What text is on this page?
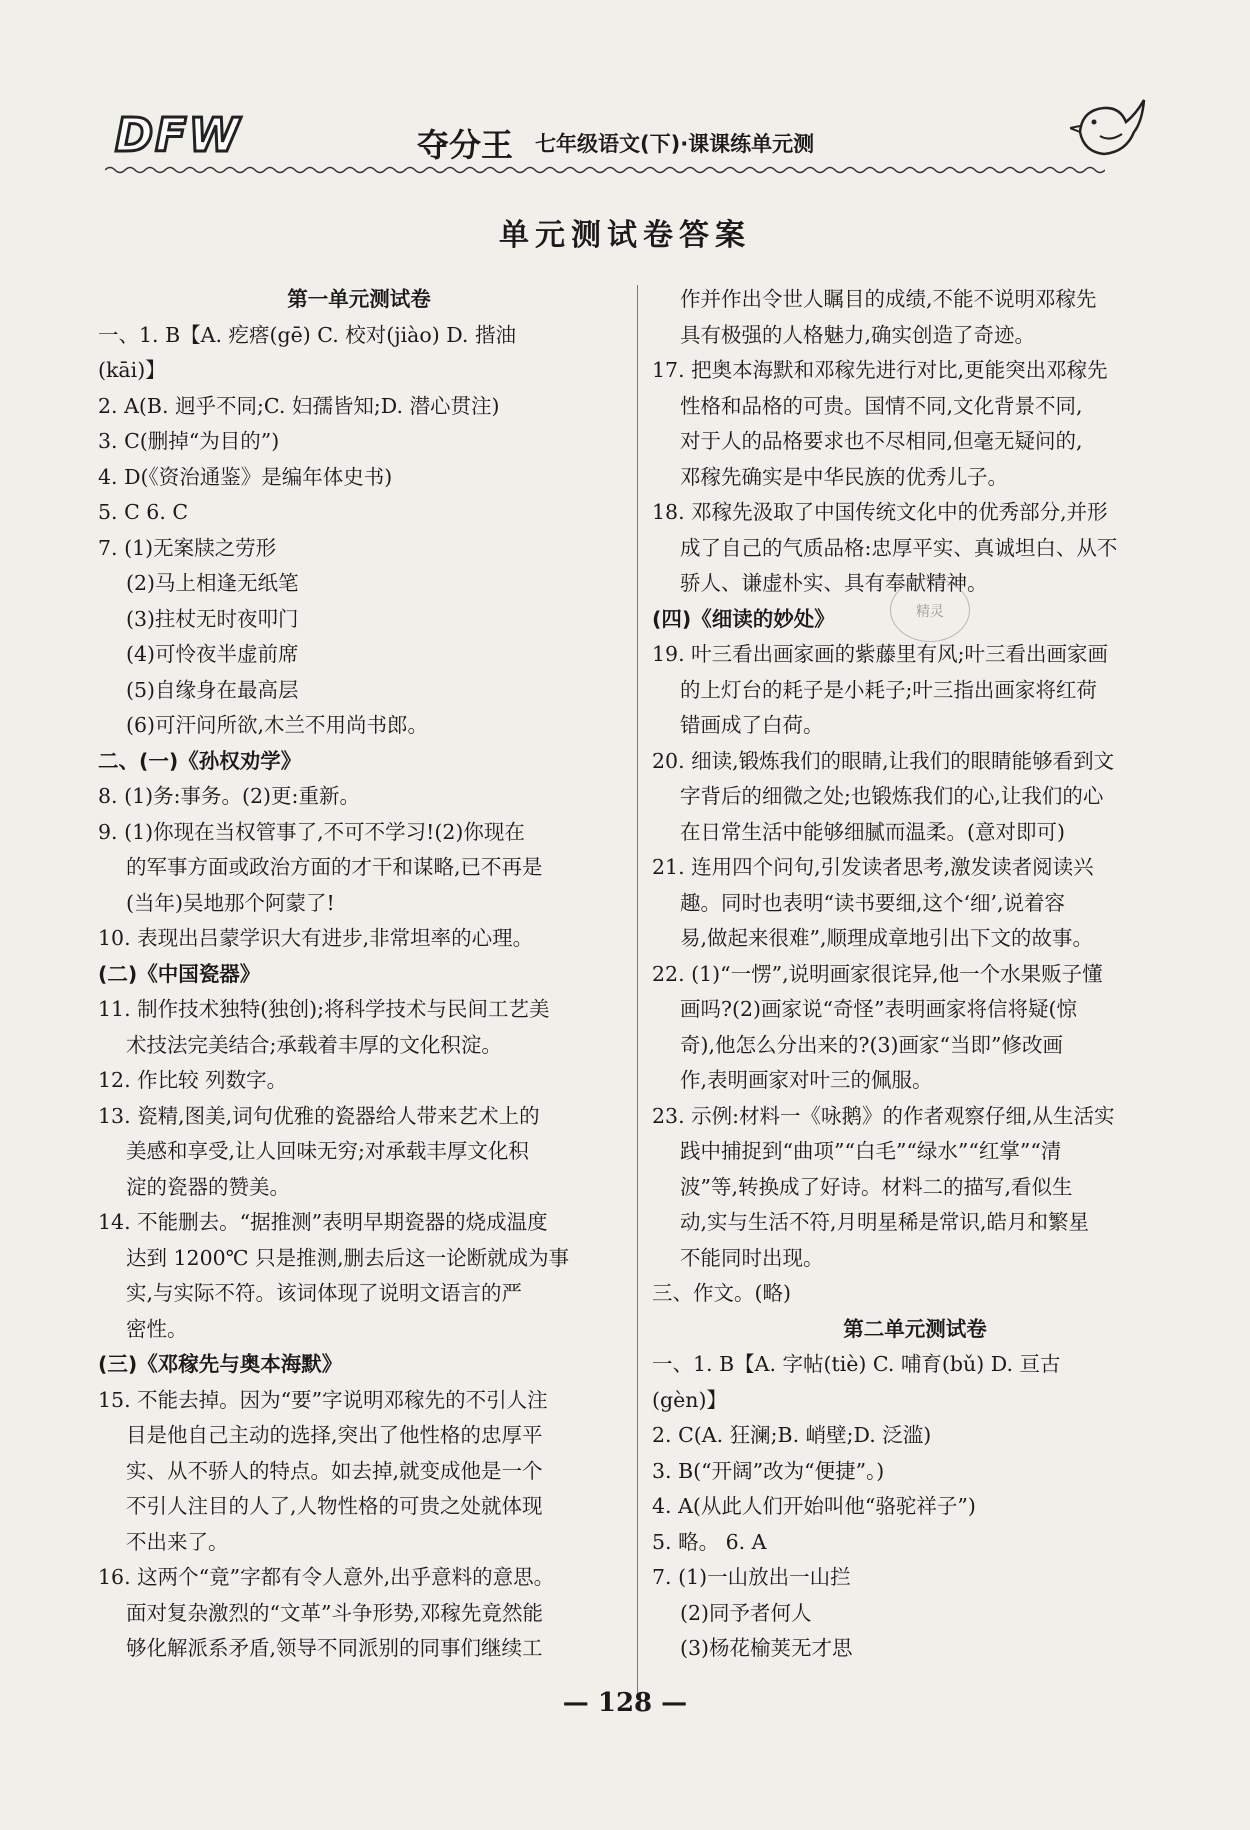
DFW	夺分王 七年级语文(下)·课课练单元测
单元测试卷答案
第一单元测试卷
一、1. B【A. 疙瘩(gē) C. 校对(jiào) D. 揩油
(kāi)】
2. A(B. 迥乎不同;C. 妇孺皆知;D. 潜心贯注)
3. C(删掉“为目的”)
4. D(《资治通鉴》是编年体史书)
5. C 6. C
7. (1)无案牍之劳形
(2)马上相逢无纸笔
(3)拄杖无时夜叩门
(4)可怜夜半虚前席
(5)自缘身在最高层
(6)可汗问所欲,木兰不用尚书郎。
二、(一)《孙权劝学》
8. (1)务:事务。(2)更:重新。
9. (1)你现在当权管事了,不可不学习!(2)你现在
的军事方面或政治方面的才干和谋略,已不再是
(当年)吴地那个阿蒙了!
10. 表现出吕蒙学识大有进步,非常坦率的心理。
(二)《中国瓷器》
11. 制作技术独特(独创);将科学技术与民间工艺美
术技法完美结合;承载着丰厚的文化积淀。
12. 作比较 列数字。
13. 瓷精,图美,词句优雅的瓷器给人带来艺术上的
美感和享受,让人回味无穷;对承载丰厚文化积
淀的瓷器的赞美。
14. 不能删去。“据推测”表明早期瓷器的烧成温度
达到 1200℃ 只是推测,删去后这一论断就成为事
实,与实际不符。该词体现了说明文语言的严
密性。
(三)《邓稼先与奥本海默》
15. 不能去掉。因为“要”字说明邓稼先的不引人注
目是他自己主动的选择,突出了他性格的忠厚平
实、从不骄人的特点。如去掉,就变成他是一个
不引人注目的人了,人物性格的可贵之处就体现
不出来了。
16. 这两个“竟”字都有令人意外,出乎意料的意思。
面对复杂激烈的“文革”斗争形势,邓稼先竟然能
够化解派系矛盾,领导不同派别的同事们继续工
作并作出令世人瞩目的成绩,不能不说明邓稼先
具有极强的人格魅力,确实创造了奇迹。
17. 把奥本海默和邓稼先进行对比,更能突出邓稼先
性格和品格的可贵。国情不同,文化背景不同,
对于人的品格要求也不尽相同,但毫无疑问的,
邓稼先确实是中华民族的优秀儿子。
18. 邓稼先汲取了中国传统文化中的优秀部分,并形
成了自己的气质品格:忠厚平实、真诚坦白、从不
骄人、谦虚朴实、具有奉献精神。
(四)《细读的妙处》
19. 叶三看出画家画的紫藤里有风;叶三看出画家画
的上灯台的耗子是小耗子;叶三指出画家将红荷
错画成了白荷。
20. 细读,锻炼我们的眼睛,让我们的眼睛能够看到文
字背后的细微之处;也锻炼我们的心,让我们的心
在日常生活中能够细腻而温柔。(意对即可)
21. 连用四个问句,引发读者思考,激发读者阅读兴
趣。同时也表明“读书要细,这个‘细’,说着容
易,做起来很难”,顺理成章地引出下文的故事。
22. (1)“一愣”,说明画家很诧异,他一个水果贩子懂
画吗?(2)画家说“奇怪”表明画家将信将疑(惊
奇),他怎么分出来的?(3)画家“当即”修改画
作,表明画家对叶三的佩服。
23. 示例:材料一《咏鹅》的作者观察仔细,从生活实
践中捕捉到“曲项”“白毛”“绿水”“红掌”“清
波”等,转换成了好诗。材料二的描写,看似生
动,实与生活不符,月明星稀是常识,皓月和繁星
不能同时出现。
三、作文。(略)
第二单元测试卷
一、1. B【A. 字帖(tiè) C. 哺育(bǔ) D. 亘古
(gèn)】
2. C(A. 狂澜;B. 峭壁;D. 泛滥)
3. B(“开阔”改为“便捷”。)
4. A(从此人们开始叫他“骆驼祥子”)
5. 略。 6. A
7. (1)一山放出一山拦
(2)同予者何人
(3)杨花榆荚无才思
精灵
— 128 —
